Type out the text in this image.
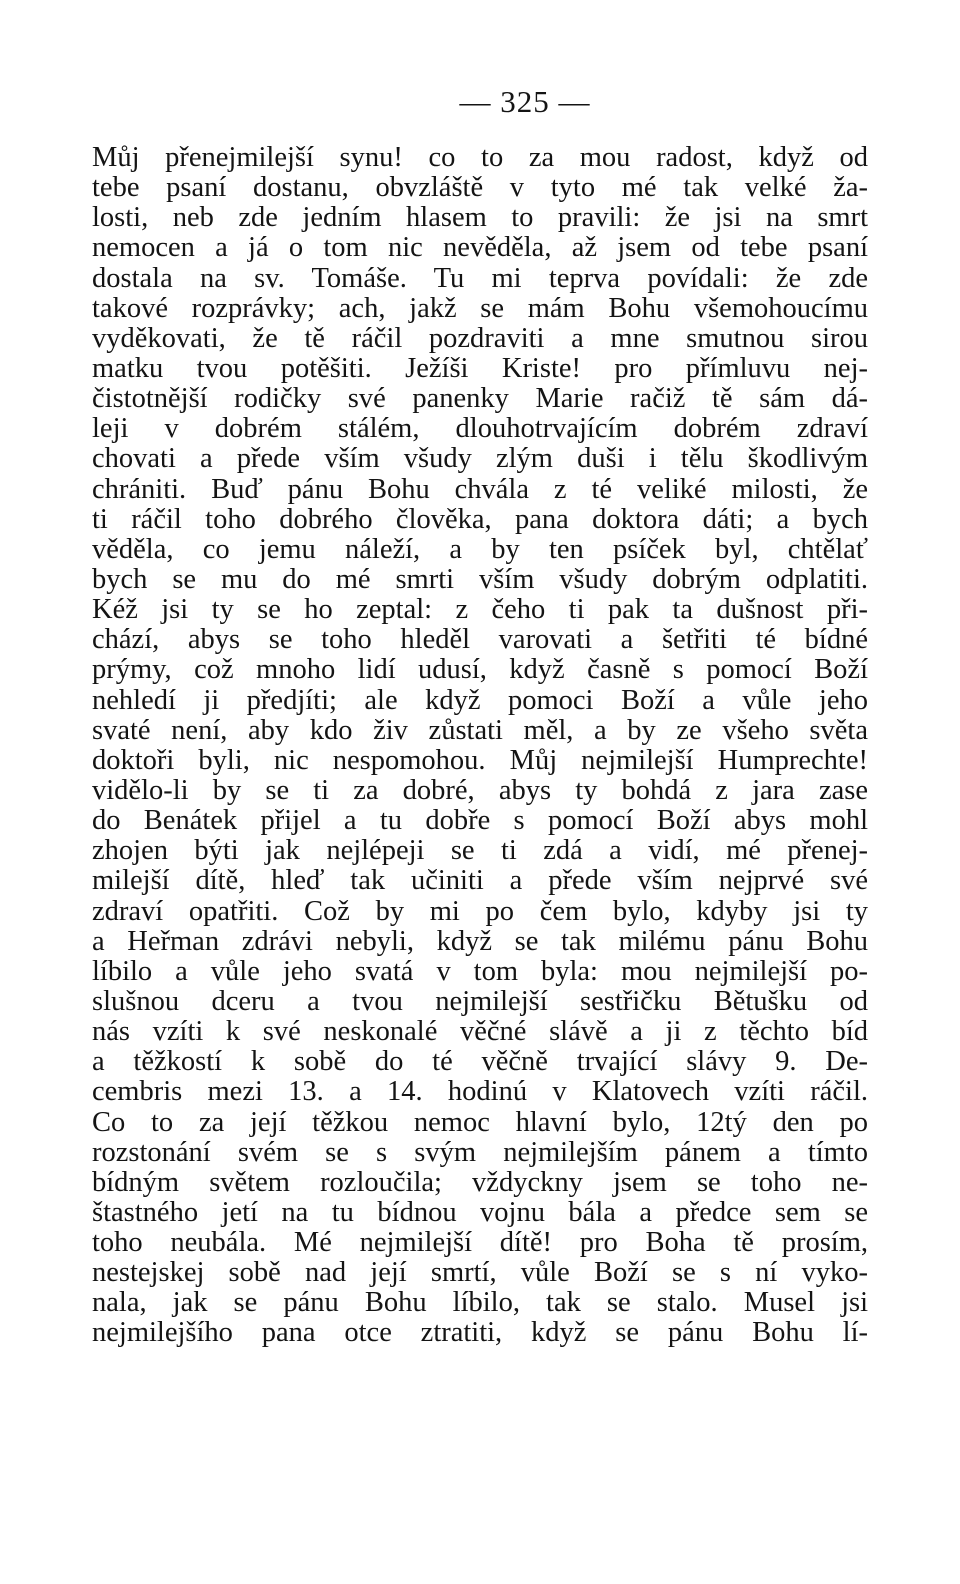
— 325 —
Můj přenejmilejší synu! co to za mou radost, když od
tebe psaní dostanu, obvzláště v tyto mé tak velké ža-
losti, neb zde jedním hlasem to pravili: že jsi na smrt
nemocen a já o tom nic nevěděla, až jsem od tebe psaní
dostala na sv. Tomáše. Tu mi teprva povídali: že zde
takové rozprávky; ach, jakž se mám Bohu všemohoucímu
vyděkovati, že tě ráčil pozdraviti a mne smutnou sirou
matku tvou potěšiti. Ježíši Kriste! pro přímluvu nej-
čistotnější rodičky své panenky Marie račiž tě sám dá-
leji v dobrém stálém, dlouhotrvajícím dobrém zdraví
chovati a přede vším všudy zlým duši i tělu škodlivým
chrániti. Buď pánu Bohu chvála z té veliké milosti, že
ti ráčil toho dobrého člověka, pana doktora dáti; a bych
věděla, co jemu náleží, a by ten psíček byl, chtělať
bych se mu do mé smrti vším všudy dobrým odplatiti.
Kéž jsi ty se ho zeptal: z čeho ti pak ta dušnost při-
chází, abys se toho hleděl varovati a šetřiti té bídné
prýmy, což mnoho lidí udusí, když časně s pomocí Boží
nehledí ji předjíti; ale když pomoci Boží a vůle jeho
svaté není, aby kdo živ zůstati měl, a by ze všeho světa
doktoři byli, nic nespomohou. Můj nejmilejší Humprechte!
vidělo-li by se ti za dobré, abys ty bohdá z jara zase
do Benátek přijel a tu dobře s pomocí Boží abys mohl
zhojen býti jak nejlépeji se ti zdá a vidí, mé přenej-
milejší dítě, hleď tak učiniti a přede vším nejprvé své
zdraví opatřiti. Což by mi po čem bylo, kdyby jsi ty
a Heřman zdrávi nebyli, když se tak milému pánu Bohu
líbilo a vůle jeho svatá v tom byla: mou nejmilejší po-
slušnou dceru a tvou nejmilejší sestřičku Bětušku od
nás vzíti k své neskonalé věčné slávě a ji z těchto bíd
a těžkostí k sobě do té věčně trvající slávy 9. De-
cembris mezi 13. a 14. hodinú v Klatovech vzíti ráčil.
Co to za její těžkou nemoc hlavní bylo, 12tý den po
rozstonání svém se s svým nejmilejším pánem a tímto
bídným světem rozloučila; vždyckny jsem se toho ne-
štastného jetí na tu bídnou vojnu bála a předce sem se
toho neubála. Mé nejmilejší dítě! pro Boha tě prosím,
nestejskej sobě nad její smrtí, vůle Boží se s ní vyko-
nala, jak se pánu Bohu líbilo, tak se stalo. Musel jsi
nejmilejšího pana otce ztratiti, když se pánu Bohu lí-
